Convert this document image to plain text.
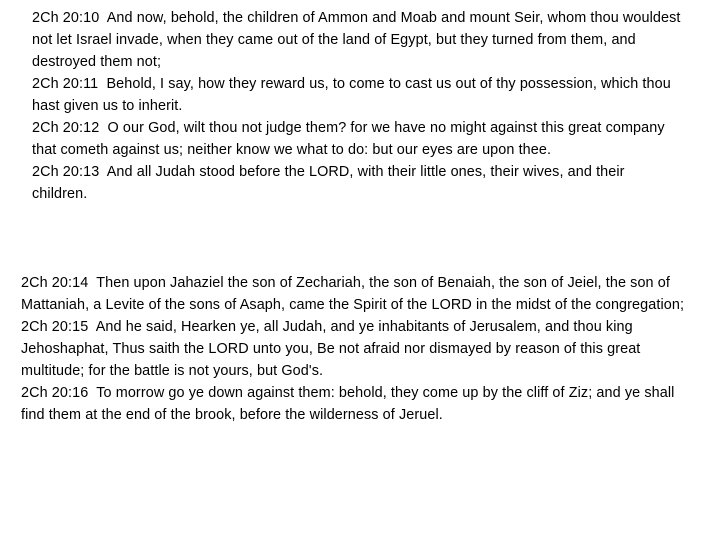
2Ch 20:10 And now, behold, the children of Ammon and Moab and mount Seir, whom thou wouldest not let Israel invade, when they came out of the land of Egypt, but they turned from them, and destroyed them not;

2Ch 20:11 Behold, I say, how they reward us, to come to cast us out of thy possession, which thou hast given us to inherit.

2Ch 20:12 O our God, wilt thou not judge them? for we have no might against this great company that cometh against us; neither know we what to do: but our eyes are upon thee.

2Ch 20:13 And all Judah stood before the LORD, with their little ones, their wives, and their children.

2Ch 20:14 Then upon Jahaziel the son of Zechariah, the son of Benaiah, the son of Jeiel, the son of Mattaniah, a Levite of the sons of Asaph, came the Spirit of the LORD in the midst of the congregation;

2Ch 20:15 And he said, Hearken ye, all Judah, and ye inhabitants of Jerusalem, and thou king Jehoshaphat, Thus saith the LORD unto you, Be not afraid nor dismayed by reason of this great multitude; for the battle is not yours, but God's.

2Ch 20:16 To morrow go ye down against them: behold, they come up by the cliff of Ziz; and ye shall find them at the end of the brook, before the wilderness of Jeruel.
